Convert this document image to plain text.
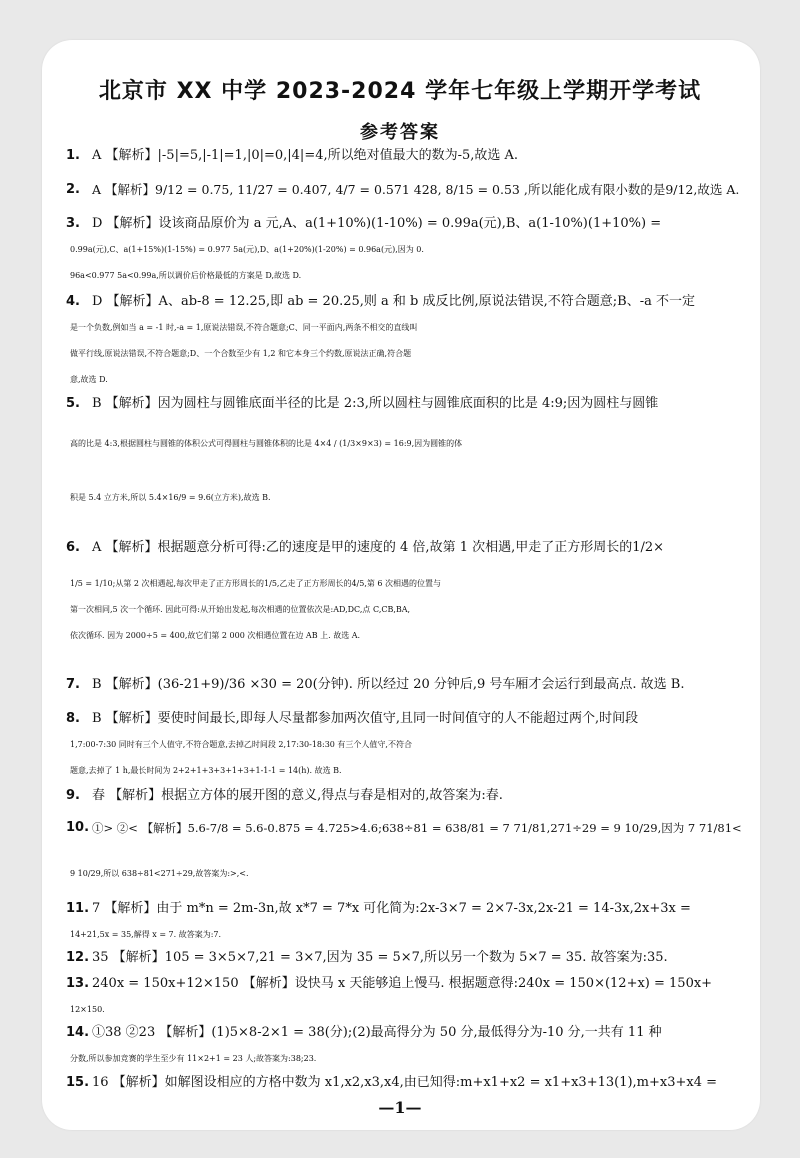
北京市 XX 中学 2023-2024 学年七年级上学期开学考试
参考答案
1. A 【解析】|-5|=5,|-1|=1,|0|=0,|4|=4,所以绝对值最大的数为-5,故选 A.
2. A 【解析】9/12 = 0.75, 11/27 = 0.407, 4/7 = 0.571 428, 8/15 = 0.53 ,所以能化成有限小数的是9/12,故选 A.
3. D 【解析】设该商品原价为 a 元,A、a(1+10%)(1-10%) = 0.99a(元),B、a(1-10%)(1+10%) =
0.99a(元),C、a(1+15%)(1-15%) = 0.977 5a(元),D、a(1+20%)(1-20%) = 0.96a(元),因为 0.
96a<0.977 5a<0.99a,所以调价后价格最低的方案是 D,故选 D.
4. D 【解析】A、ab-8 = 12.25,即 ab = 20.25,则 a 和 b 成反比例,原说法错误,不符合题意;B、-a 不一定
是一个负数,例如当 a = -1 时,-a = 1,原说法错误,不符合题意;C、同一平面内,两条不相交的直线叫
做平行线,原说法错误,不符合题意;D、一个合数至少有 1,2 和它本身三个约数,原说法正确,符合题
意,故选 D.
5. B 【解析】因为圆柱与圆锥底面半径的比是 2:3,所以圆柱与圆锥底面积的比是 4:9;因为圆柱与圆锥
高的比是 4:3,根据圆柱与圆锥的体积公式可得圆柱与圆锥体积的比是 4×4 / (1/3×9×3) = 16:9,因为圆锥的体
积是 5.4 立方米,所以 5.4×16/9 = 9.6(立方米),故选 B.
6. A 【解析】根据题意分析可得:乙的速度是甲的速度的 4 倍,故第 1 次相遇,甲走了正方形周长的1/2×
1/5 = 1/10;从第 2 次相遇起,每次甲走了正方形周长的1/5,乙走了正方形周长的4/5,第 6 次相遇的位置与
第一次相同,5 次一个循环. 因此可得:从开始出发起,每次相遇的位置依次是:AD,DC,点 C,CB,BA,
依次循环. 因为 2000÷5 = 400,故它们第 2 000 次相遇位置在边 AB 上. 故选 A.
7. B 【解析】(36-21+9)/36 ×30 = 20(分钟). 所以经过 20 分钟后,9 号车厢才会运行到最高点. 故选 B.
8. B 【解析】要使时间最长,即每人尽量都参加两次值守,且同一时间值守的人不能超过两个,时间段
1,7:00-7:30 同时有三个人值守,不符合题意,去掉乙时间段 2,17:30-18:30 有三个人值守,不符合
题意,去掉了 1 h,最长时间为 2+2+1+3+3+1+3+1-1-1 = 14(h). 故选 B.
9. 春 【解析】根据立方体的展开图的意义,得点与春是相对的,故答案为:春.
10. ①> ②< 【解析】5.6-7/8 = 5.6-0.875 = 4.725>4.6;638÷81 = 638/81 = 7 71/81,271÷29 = 9 10/29,因为 7 71/81<
9 10/29,所以 638÷81<271÷29,故答案为:>,<.
11. 7 【解析】由于 m*n = 2m-3n,故 x*7 = 7*x 可化简为:2x-3×7 = 2×7-3x,2x-21 = 14-3x,2x+3x =
14+21,5x = 35,解得 x = 7. 故答案为:7.
12. 35 【解析】105 = 3×5×7,21 = 3×7,因为 35 = 5×7,所以另一个数为 5×7 = 35. 故答案为:35.
13. 240x = 150x+12×150 【解析】设快马 x 天能够追上慢马. 根据题意得:240x = 150×(12+x) = 150x+
12×150.
14. ①38 ②23 【解析】(1)5×8-2×1 = 38(分);(2)最高得分为 50 分,最低得分为-10 分,一共有 11 种
分数,所以参加竞赛的学生至少有 11×2+1 = 23 人;故答案为:38;23.
15. 16 【解析】如解图设相应的方格中数为 x1,x2,x3,x4,由已知得:m+x1+x2 = x1+x3+13(1),m+x3+x4 =
—1—
